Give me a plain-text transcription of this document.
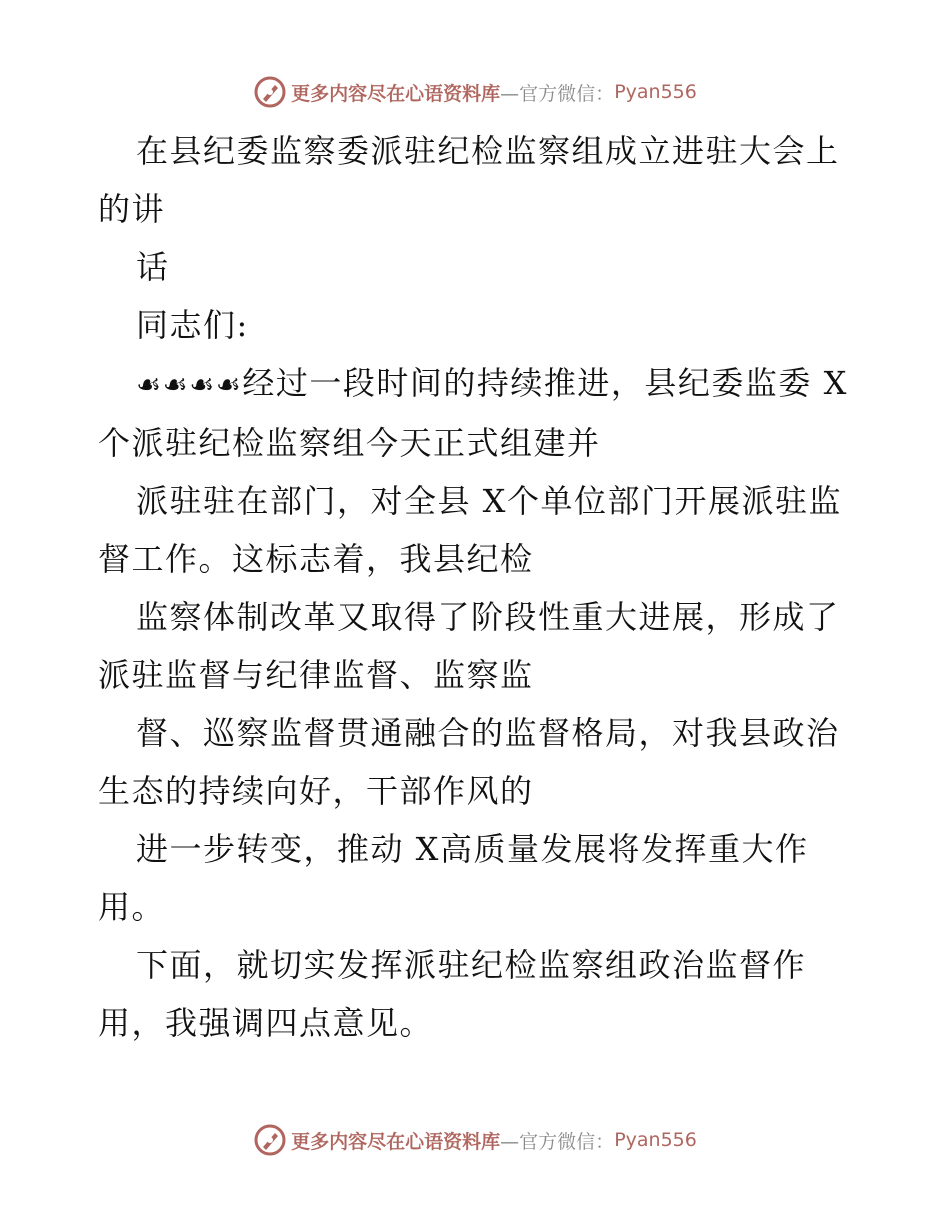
更多内容尽在心语资料库 —官方微信： Pyan556

在县纪委监察委派驻纪检监察组成立进驻大会上的讲

话

同志们:

☙☙☙☙经过一段时间的持续推进，县纪委监委 X个派驻纪检监察组今天正式组建并

派驻驻在部门，对全县 X个单位部门开展派驻监督工作。这标志着，我县纪检

监察体制改革又取得了阶段性重大进展，形成了派驻监督与纪律监督、监察监

督、巡察监督贯通融合的监督格局，对我县政治生态的持续向好，干部作风的

进一步转变，推动 X高质量发展将发挥重大作用。

下面，就切实发挥派驻纪检监察组政治监督作用，我强调四点意见。

更多内容尽在心语资料库 —官方微信： Pyan556
